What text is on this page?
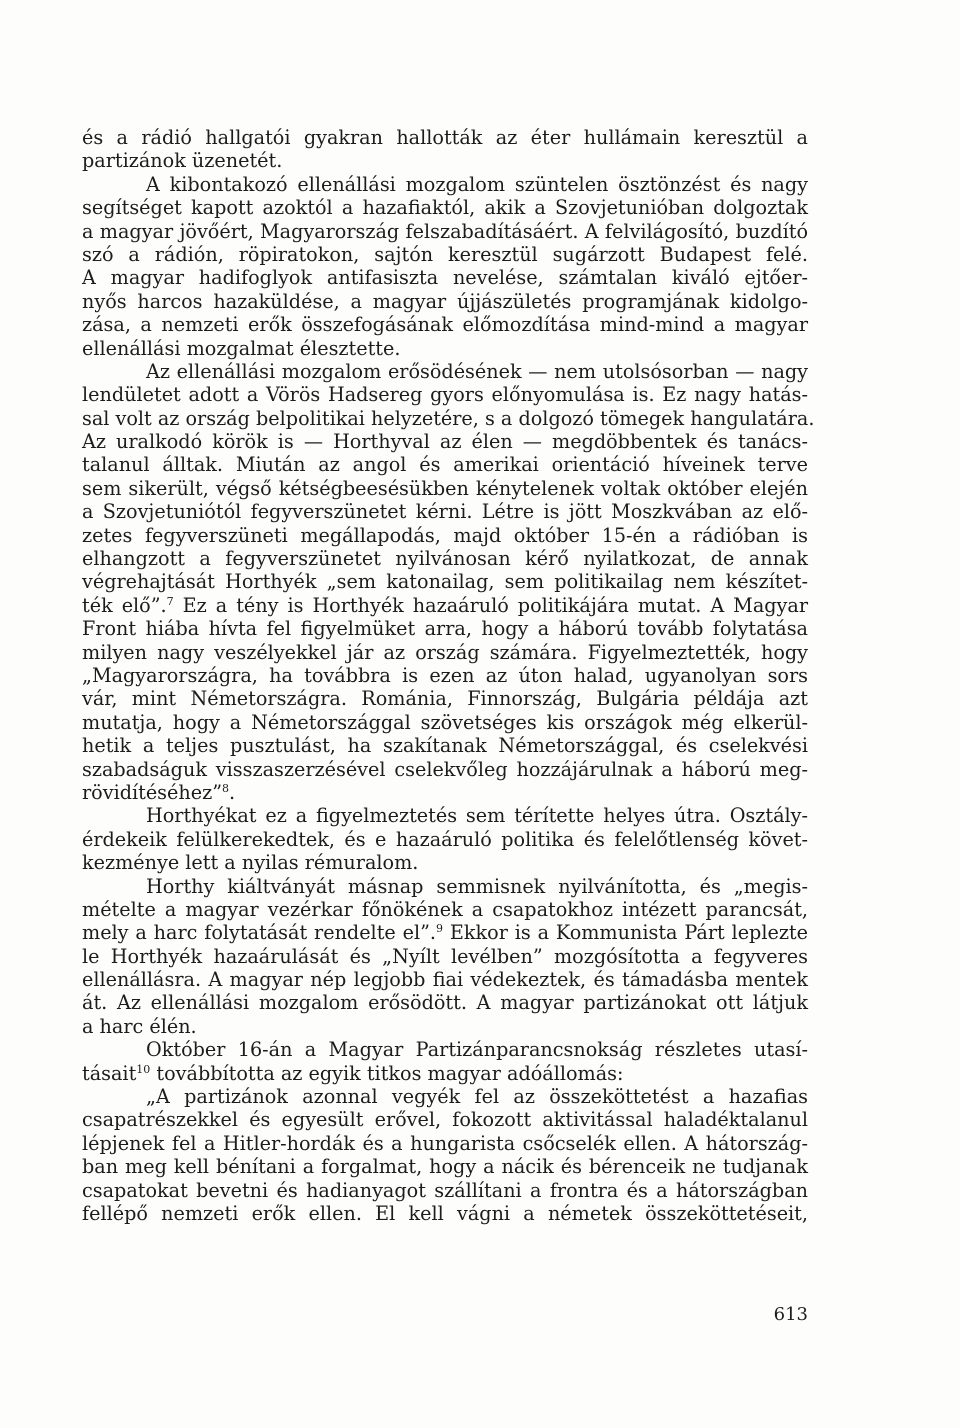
és a rádió hallgatói gyakran hallották az éter hullámain keresztül a
partizánok üzenetét.
A kibontakozó ellenállási mozgalom szüntelen ösztönzést és nagy
segítséget kapott azoktól a hazafiaktól, akik a Szovjetunióban dolgoztak
a magyar jövőért, Magyarország felszabadításáért. A felvilágosító, buzdító
szó a rádión, röpiratokon, sajtón keresztül sugárzott Budapest felé.
A magyar hadifoglyok antifasiszta nevelése, számtalan kiváló ejtőer-
nyős harcos hazaküldése, a magyar újjászületés programjának kidolgo-
zása, a nemzeti erők összefogásának előmozdítása mind-mind a magyar
ellenállási mozgalmat élesztette.
Az ellenállási mozgalom erősödésének — nem utolsósorban — nagy
lendületet adott a Vörös Hadsereg gyors előnyomulása is. Ez nagy hatás-
sal volt az ország belpolitikai helyzetére, s a dolgozó tömegek hangulatára.
Az uralkodó körök is — Horthyval az élen — megdöbbentek és tanács-
talanul álltak. Miután az angol és amerikai orientáció híveinek terve
sem sikerült, végső kétségbeesésükben kénytelenek voltak október elején
a Szovjetuniótól fegyverszünetet kérni. Létre is jött Moszkvában az elő-
zetes fegyverszüneti megállapodás, majd október 15-én a rádióban is
elhangzott a fegyverszünetet nyilvánosan kérő nyilatkozat, de annak
végrehajtását Horthyék „sem katonailag, sem politikailag nem készítet-
ték elő”.$^7$ Ez a tény is Horthyék hazaáruló politikájára mutat. A Magyar
Front hiába hívta fel figyelmüket arra, hogy a háború tovább folytatása
milyen nagy veszélyekkel jár az ország számára. Figyelmeztették, hogy
„Magyarországra, ha továbbra is ezen az úton halad, ugyanolyan sors
vár, mint Németországra. Románia, Finnország, Bulgária példája azt
mutatja, hogy a Németországgal szövetséges kis országok még elkerül-
hetik a teljes pusztulást, ha szakítanak Németországgal, és cselekvési
szabadságuk visszaszerzésével cselekvőleg hozzájárulnak a háború meg-
rövidítéséhez”$^8$.
Horthyékat ez a figyelmeztetés sem térítette helyes útra. Osztály-
érdekeik felülkerekedtek, és e hazaáruló politika és felelőtlenség követ-
kezménye lett a nyilas rémuralom.
Horthy kiáltványát másnap semmisnek nyilvánította, és „megis-
mételte a magyar vezérkar főnökének a csapatokhoz intézett parancsát,
mely a harc folytatását rendelte el”.$^9$ Ekkor is a Kommunista Párt leplezte
le Horthyék hazaárulását és „Nyílt levélben” mozgósította a fegyveres
ellenállásra. A magyar nép legjobb fiai védekeztek, és támadásba mentek
át. Az ellenállási mozgalom erősödött. A magyar partizánokat ott látjuk
a harc élén.
Október 16-án a Magyar Partizánparancsnokság részletes utasí-
tásait$^{10}$ továbbította az egyik titkos magyar adóállomás:
„A partizánok azonnal vegyék fel az összeköttetést a hazafias
csapatrészekkel és egyesült erővel, fokozott aktivitással haladéktalanul
lépjenek fel a Hitler-hordák és a hungarista csőcselék ellen. A hátország-
ban meg kell bénítani a forgalmat, hogy a nácik és bérenceik ne tudjanak
csapatokat bevetni és hadianyagot szállítani a frontra és a hátországban
fellépő nemzeti erők ellen. El kell vágni a németek összeköttetéseit,
613
